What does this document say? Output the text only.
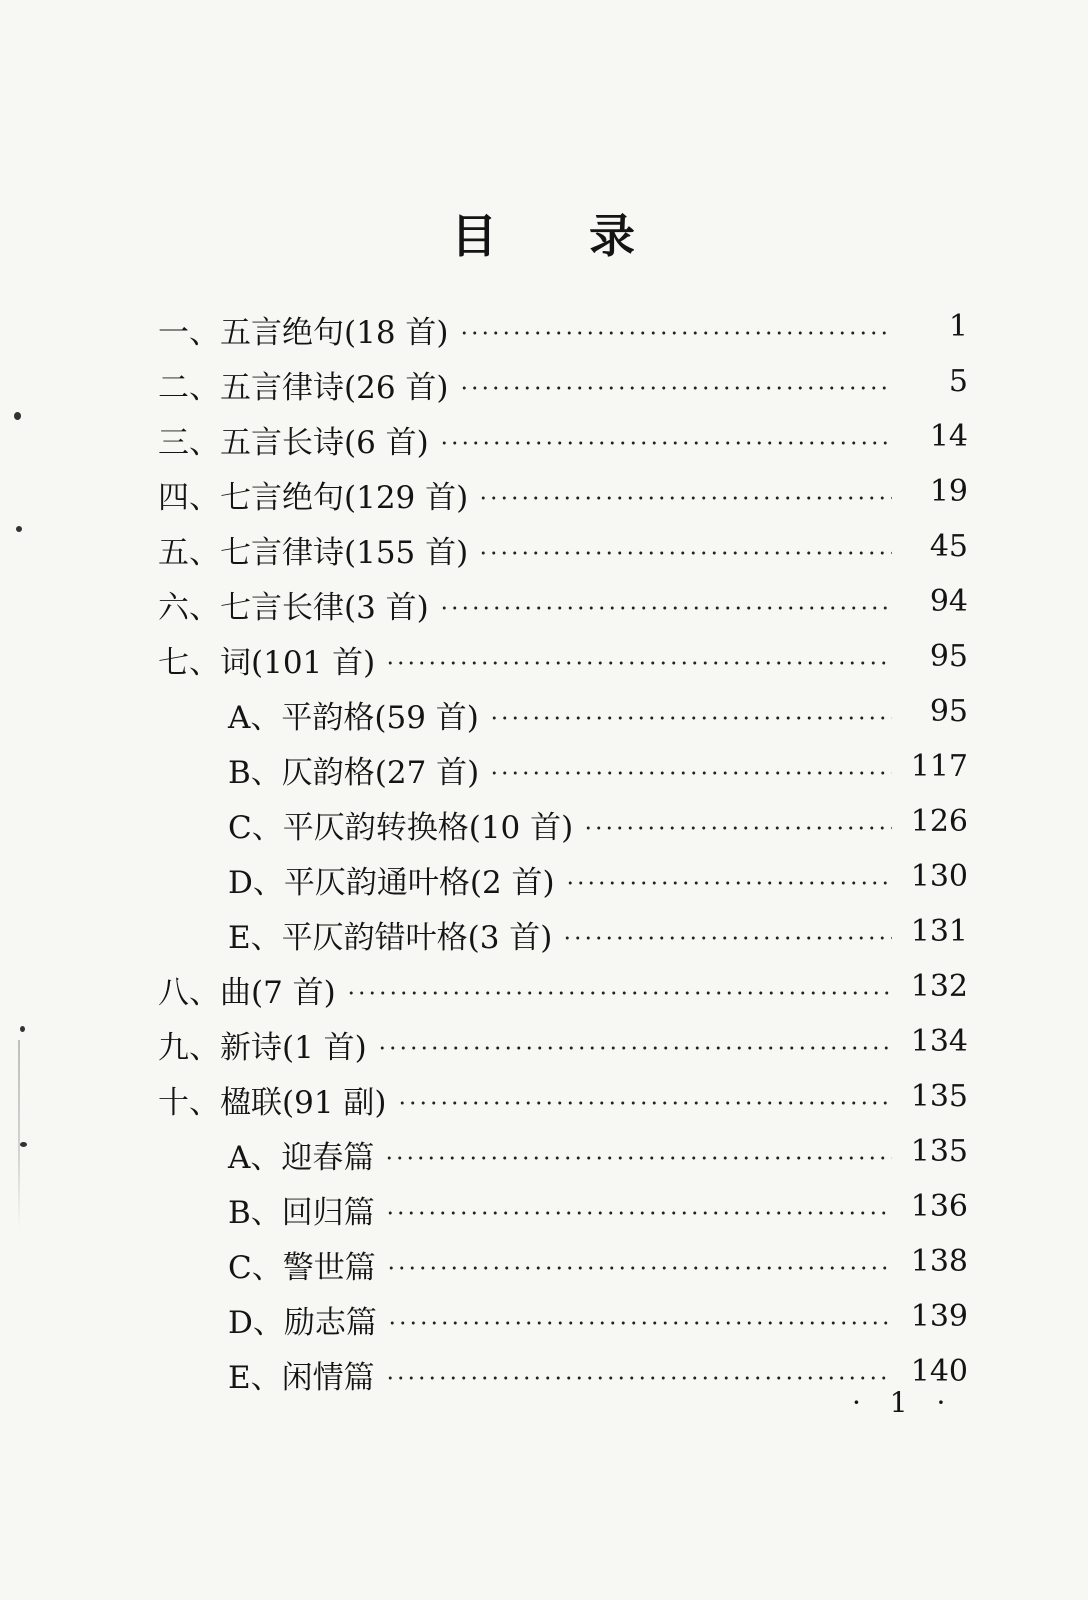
目 录
一、五言绝句(18 首)	1
二、五言律诗(26 首)	5
三、五言长诗(6 首)	14
四、七言绝句(129 首)	19
五、七言律诗(155 首)	45
六、七言长律(3 首)	94
七、词(101 首)	95
A、平韵格(59 首)	95
B、仄韵格(27 首)	117
C、平仄韵转换格(10 首)	126
D、平仄韵通叶格(2 首)	130
E、平仄韵错叶格(3 首)	131
八、曲(7 首)	132
九、新诗(1 首)	134
十、楹联(91 副)	135
A、迎春篇	135
B、回归篇	136
C、警世篇	138
D、励志篇	139
E、闲情篇	140
· 1 ·
